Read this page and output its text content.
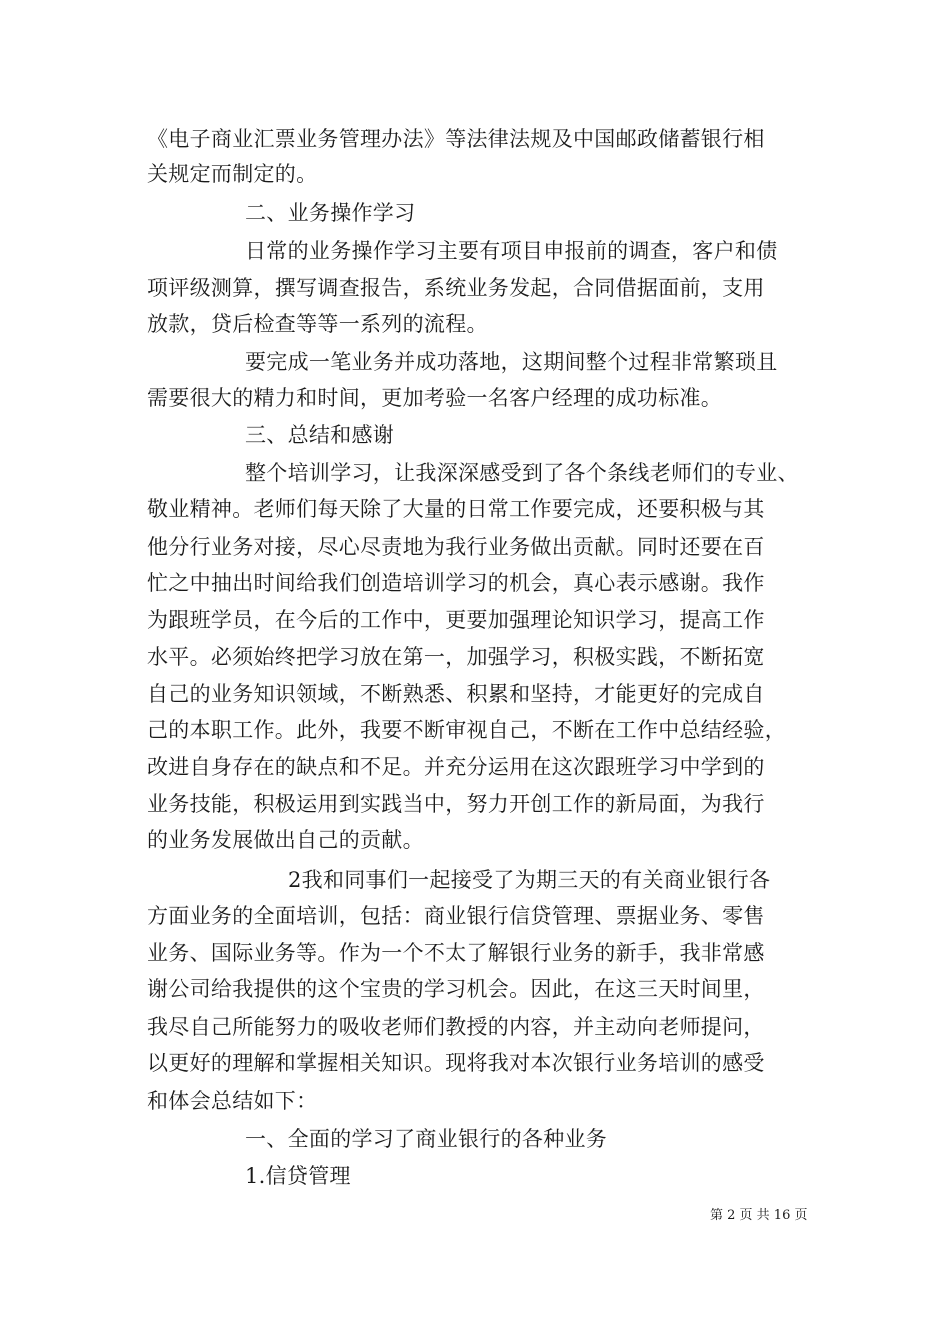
《电子商业汇票业务管理办法》等法律法规及中国邮政储蓄银行相
关规定而制定的。
二、业务操作学习
日常的业务操作学习主要有项目申报前的调查，客户和债
项评级测算，撰写调查报告，系统业务发起，合同借据面前，支用
放款，贷后检查等等一系列的流程。
要完成一笔业务并成功落地，这期间整个过程非常繁琐且
需要很大的精力和时间，更加考验一名客户经理的成功标准。
三、总结和感谢
整个培训学习，让我深深感受到了各个条线老师们的专业、
敬业精神。老师们每天除了大量的日常工作要完成，还要积极与其
他分行业务对接，尽心尽责地为我行业务做出贡献。同时还要在百
忙之中抽出时间给我们创造培训学习的机会，真心表示感谢。我作
为跟班学员，在今后的工作中，更要加强理论知识学习，提高工作
水平。必须始终把学习放在第一，加强学习，积极实践，不断拓宽
自己的业务知识领域，不断熟悉、积累和坚持，才能更好的完成自
己的本职工作。此外，我要不断审视自己，不断在工作中总结经验，
改进自身存在的缺点和不足。并充分运用在这次跟班学习中学到的
业务技能，积极运用到实践当中，努力开创工作的新局面，为我行
的业务发展做出自己的贡献。
2我和同事们一起接受了为期三天的有关商业银行各
方面业务的全面培训，包括：商业银行信贷管理、票据业务、零售
业务、国际业务等。作为一个不太了解银行业务的新手，我非常感
谢公司给我提供的这个宝贵的学习机会。因此，在这三天时间里，
我尽自己所能努力的吸收老师们教授的内容，并主动向老师提问，
以更好的理解和掌握相关知识。现将我对本次银行业务培训的感受
和体会总结如下：
一、全面的学习了商业银行的各种业务
1.信贷管理
第 2 页 共 16 页
